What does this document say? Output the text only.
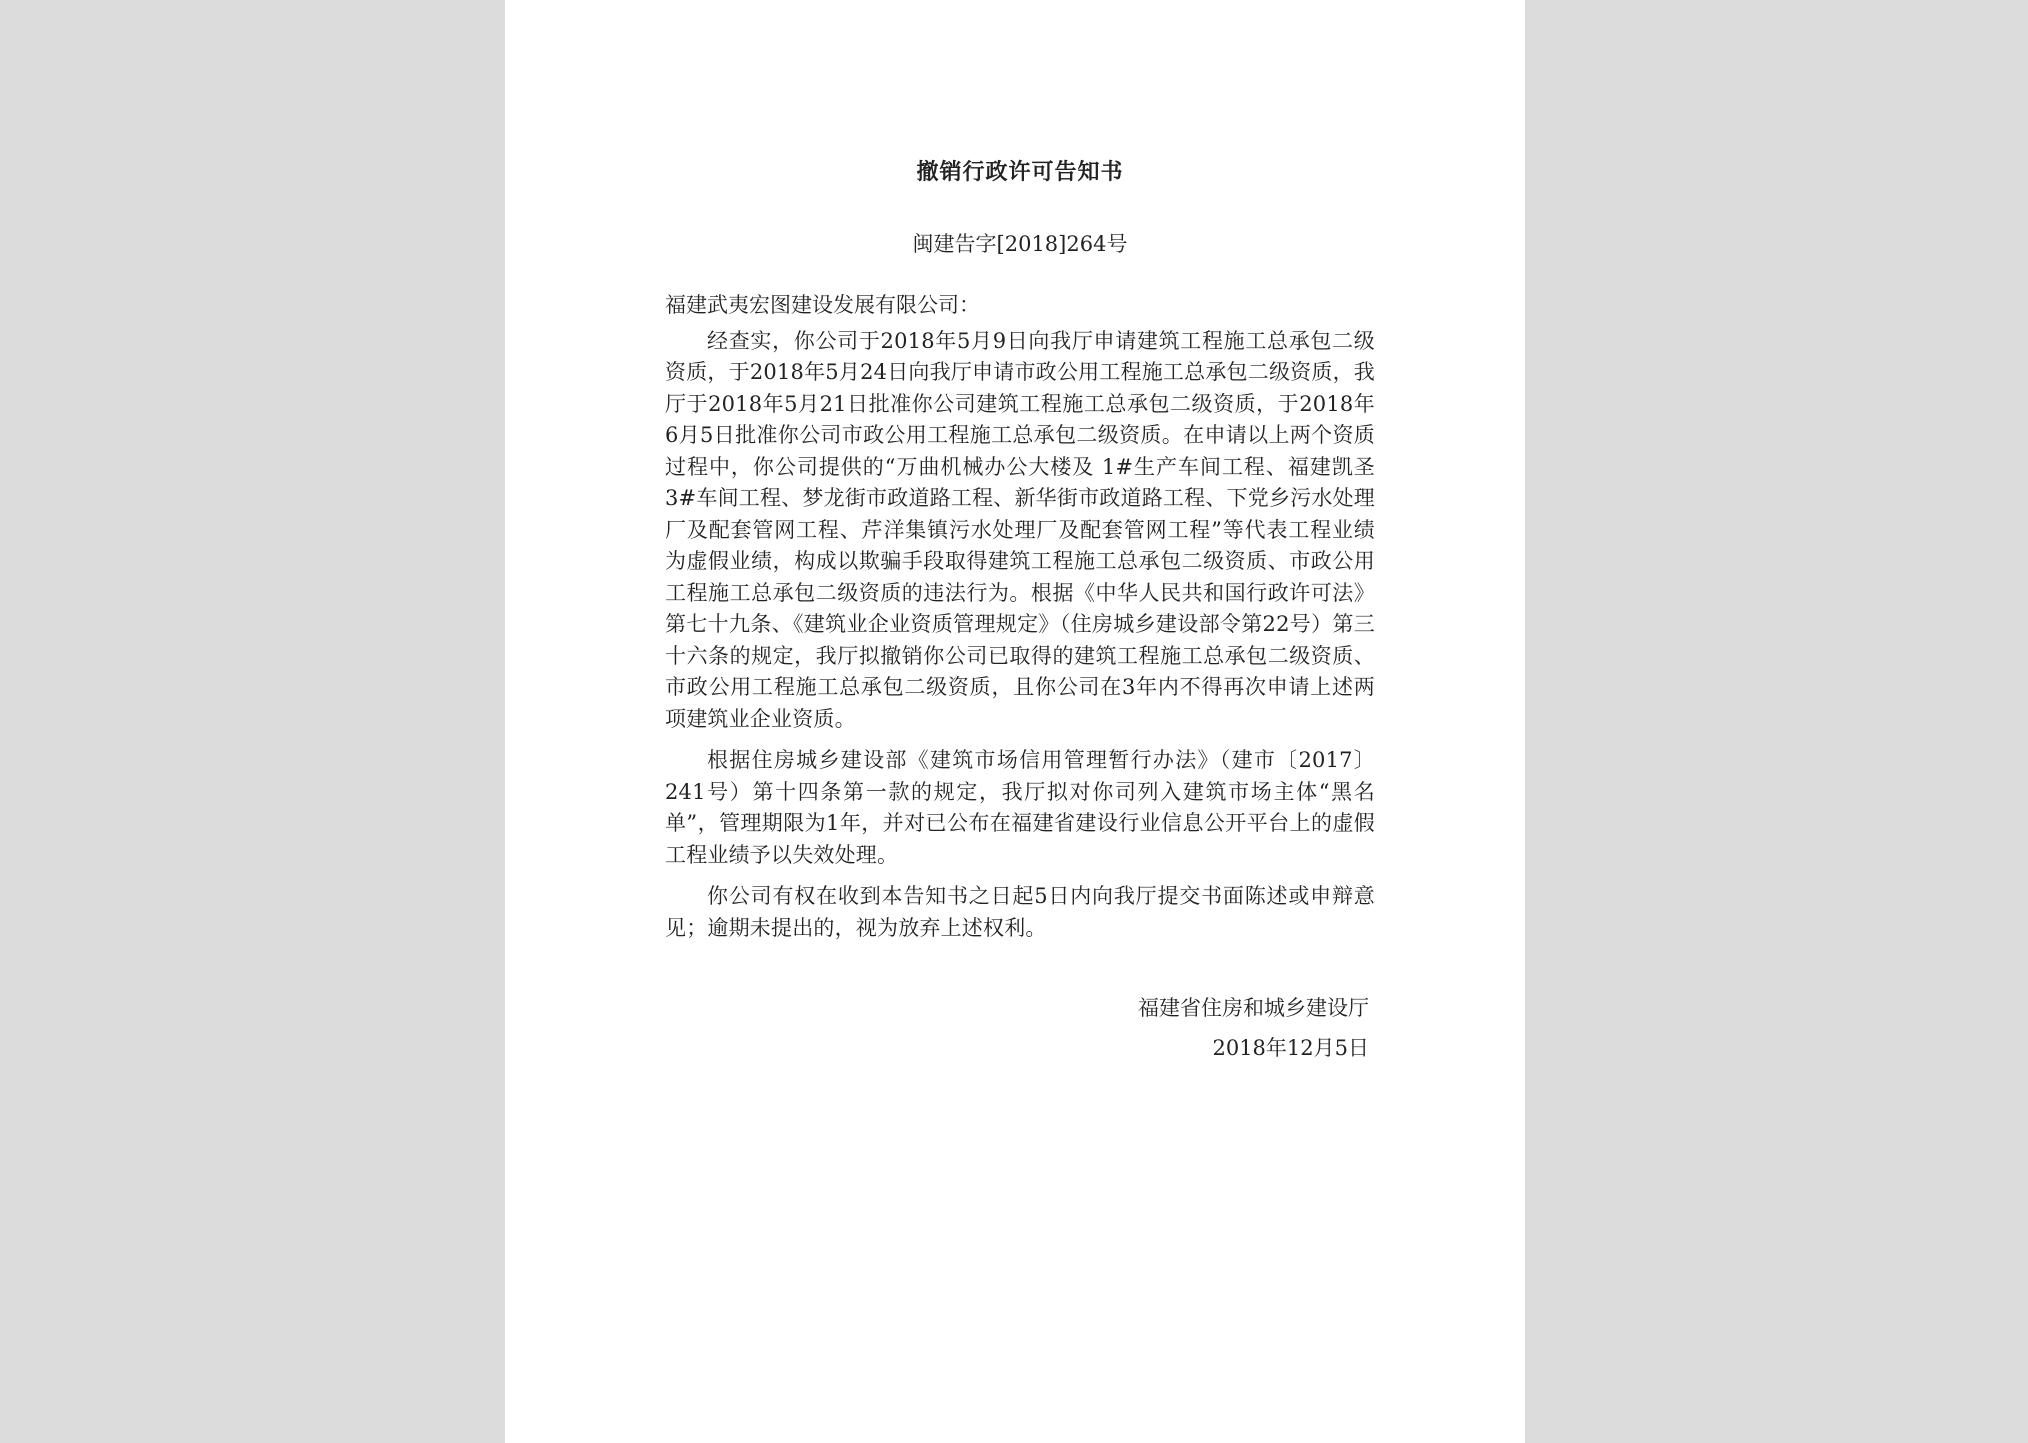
撤销行政许可告知书
闽建告字[2018]264号
福建武夷宏图建设发展有限公司：

经查实，你公司于2018年5月9日向我厅申请建筑工程施工总承包二级资质，于2018年5月24日向我厅申请市政公用工程施工总承包二级资质，我厅于2018年5月21日批准你公司建筑工程施工总承包二级资质，于2018年6月5日批准你公司市政公用工程施工总承包二级资质。在申请以上两个资质过程中，你公司提供的“万曲机械办公大楼及 1#生产车间工程、福建凯圣 3#车间工程、梦龙街市政道路工程、新华街市政道路工程、下党乡污水处理厂及配套管网工程、芹洋集镇污水处理厂及配套管网工程”等代表工程业绩为虚假业绩，构成以欺骗手段取得建筑工程施工总承包二级资质、市政公用工程施工总承包二级资质的违法行为。根据《中华人民共和国行政许可法》第七十九条、《建筑业企业资质管理规定》（住房城乡建设部令第22号）第三十六条的规定，我厅拟撤销你公司已取得的建筑工程施工总承包二级资质、市政公用工程施工总承包二级资质，且你公司在3年内不得再次申请上述两项建筑业企业资质。

根据住房城乡建设部《建筑市场信用管理暂行办法》（建市〔2017〕241号）第十四条第一款的规定，我厅拟对你司列入建筑市场主体“黑名单”，管理期限为1年，并对已公布在福建省建设行业信息公开平台上的虚假工程业绩予以失效处理。

你公司有权在收到本告知书之日起5日内向我厅提交书面陈述或申辩意见；逾期未提出的，视为放弃上述权利。

福建省住房和城乡建设厅
2018年12月5日
